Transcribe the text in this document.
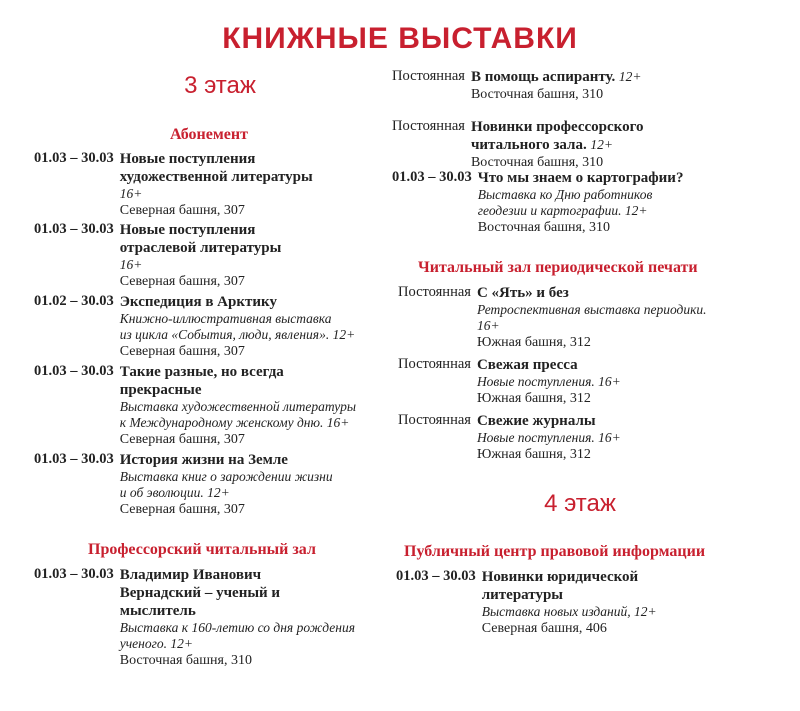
КНИЖНЫЕ ВЫСТАВКИ
3 этаж
4 этаж
Абонемент
01.03 – 30.03 Новые поступления
художественной литературы
16+
Северная башня, 307
01.03 – 30.03 Новые поступления
отраслевой литературы
16+
Северная башня, 307
01.02 – 30.03 Экспедиция в Арктику
Книжно-иллюстративная выставка
из цикла «События, люди, явления». 12+
Северная башня, 307
01.03 – 30.03 Такие разные, но всегда
прекрасные
Выставка художественной литературы
к Международному женскому дню. 16+
Северная башня, 307
01.03 – 30.03 История жизни на Земле
Выставка книг о зарождении жизни
и об эволюции. 12+
Северная башня, 307
Профессорский читальный зал
01.03 – 30.03 Владимир Иванович
Вернадский – ученый и
мыслитель
Выставка к 160-летию со дня рождения
ученого. 12+
Восточная башня, 310
Постоянная В помощь аспиранту. 12+
Восточная башня, 310
Постоянная Новинки профессорского
читального зала. 12+
Восточная башня, 310
01.03 – 30.03 Что мы знаем о картографии?
Выставка ко Дню работников
геодезии и картографии. 12+
Восточная башня, 310
Читальный зал периодической печати
Постоянная С «Ять» и без
Ретроспективная выставка периодики.
16+
Южная башня, 312
Постоянная Свежая пресса
Новые поступления. 16+
Южная башня, 312
Постоянная Свежие журналы
Новые поступления. 16+
Южная башня, 312
Публичный центр правовой информации
01.03 – 30.03 Новинки юридической
литературы
Выставка новых изданий, 12+
Северная башня, 406
